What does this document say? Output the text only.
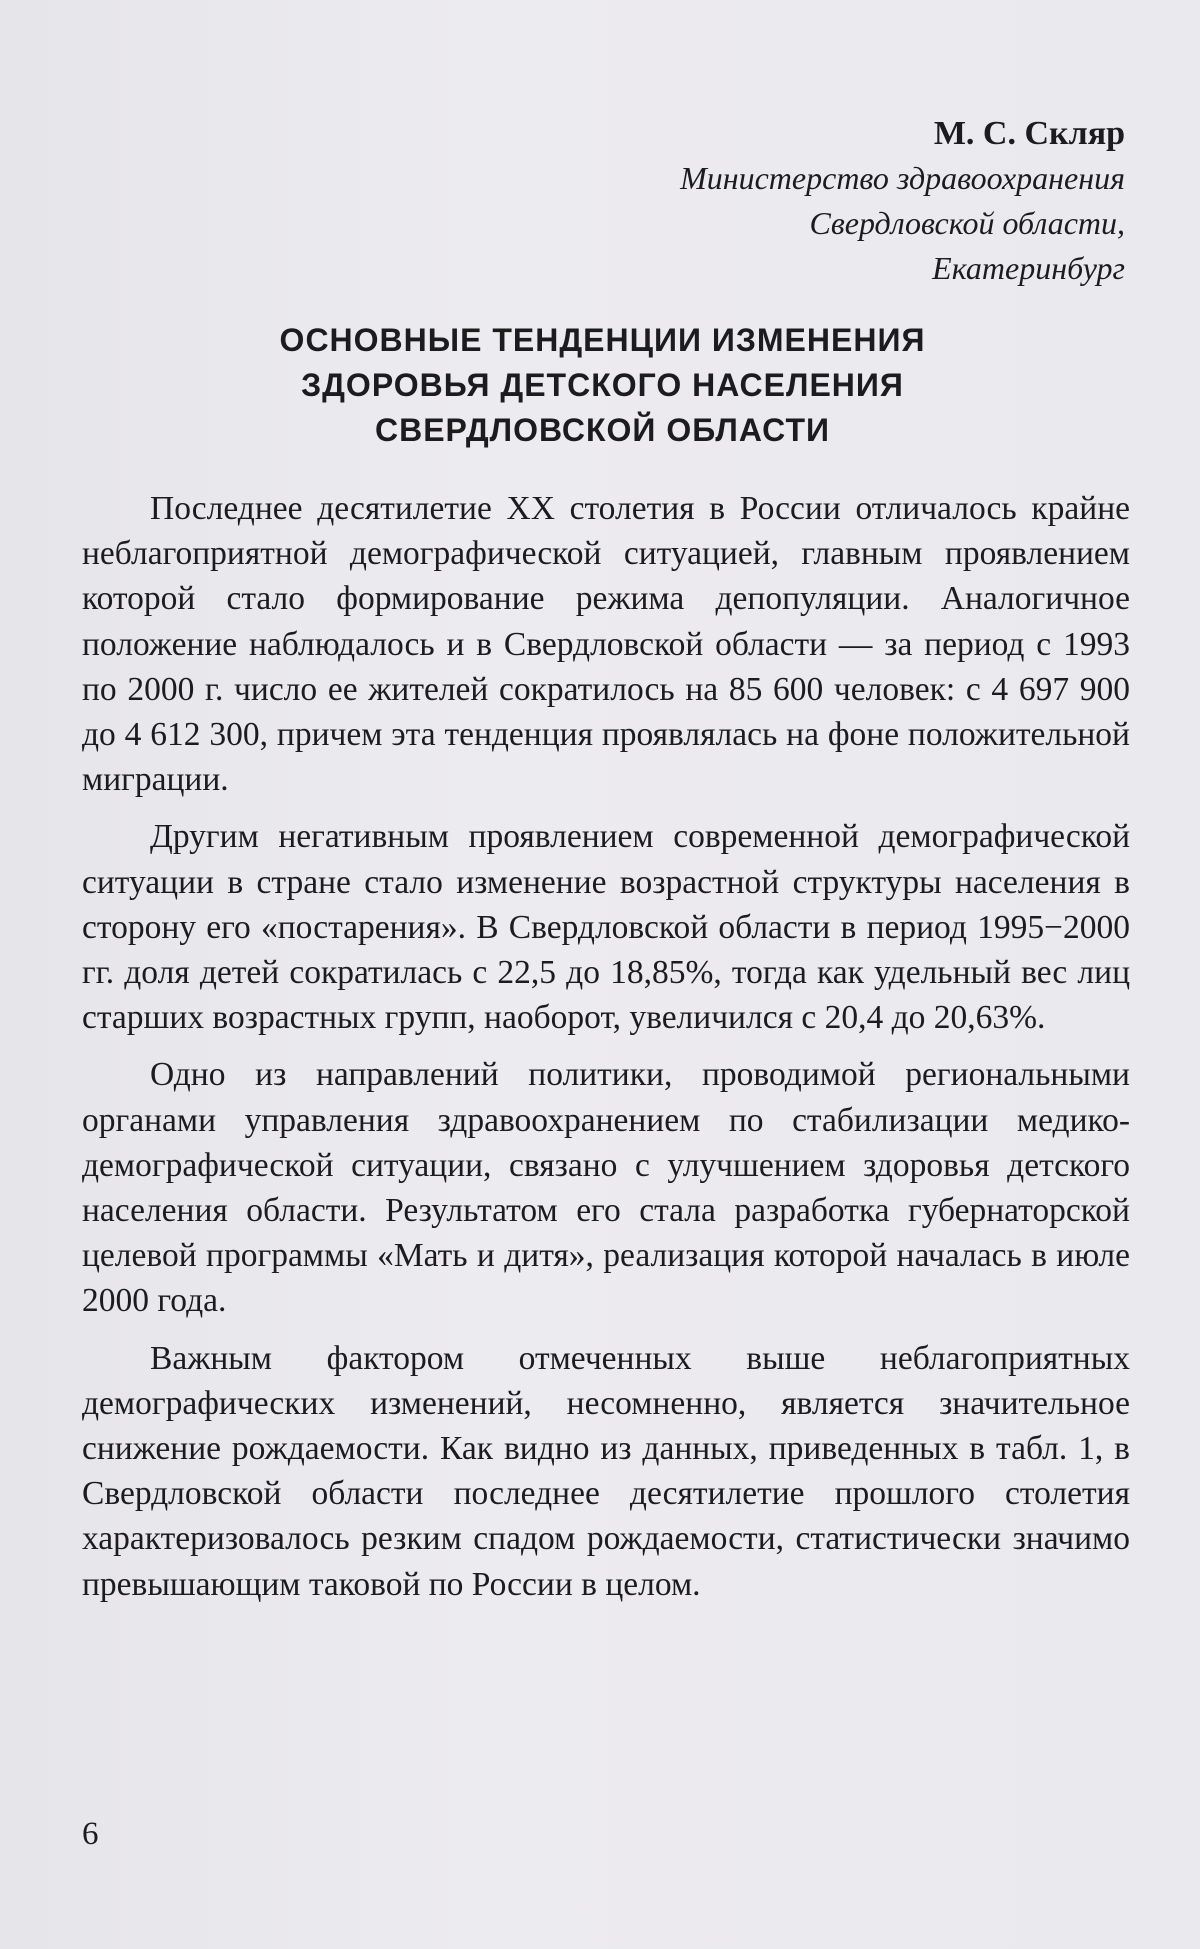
М. С. Скляр
Министерство здравоохранения
Свердловской области,
Екатеринбург
ОСНОВНЫЕ ТЕНДЕНЦИИ ИЗМЕНЕНИЯ
ЗДОРОВЬЯ ДЕТСКОГО НАСЕЛЕНИЯ
СВЕРДЛОВСКОЙ ОБЛАСТИ

Последнее десятилетие XX столетия в России отличалось крайне неблагоприятной демографической ситуацией, главным проявлением которой стало формирование режима депопуляции. Аналогичное положение наблюдалось и в Свердловской области — за период с 1993 по 2000 г. число ее жителей сократилось на 85 600 человек: с 4 697 900 до 4 612 300, причем эта тенденция проявлялась на фоне положительной миграции.

Другим негативным проявлением современной демографической ситуации в стране стало изменение возрастной структуры населения в сторону его «постарения». В Свердловской области в период 1995−2000 гг. доля детей сократилась с 22,5 до 18,85%, тогда как удельный вес лиц старших возрастных групп, наоборот, увеличился с 20,4 до 20,63%.

Одно из направлений политики, проводимой региональными органами управления здравоохранением по стабилизации медико-демографической ситуации, связано с улучшением здоровья детского населения области. Результатом его стала разработка губернаторской целевой программы «Мать и дитя», реализация которой началась в июле 2000 года.

Важным фактором отмеченных выше неблагоприятных демографических изменений, несомненно, является значительное снижение рождаемости. Как видно из данных, приведенных в табл. 1, в Свердловской области последнее десятилетие прошлого столетия характеризовалось резким спадом рождаемости, статистически значимо превышающим таковой по России в целом.

6
